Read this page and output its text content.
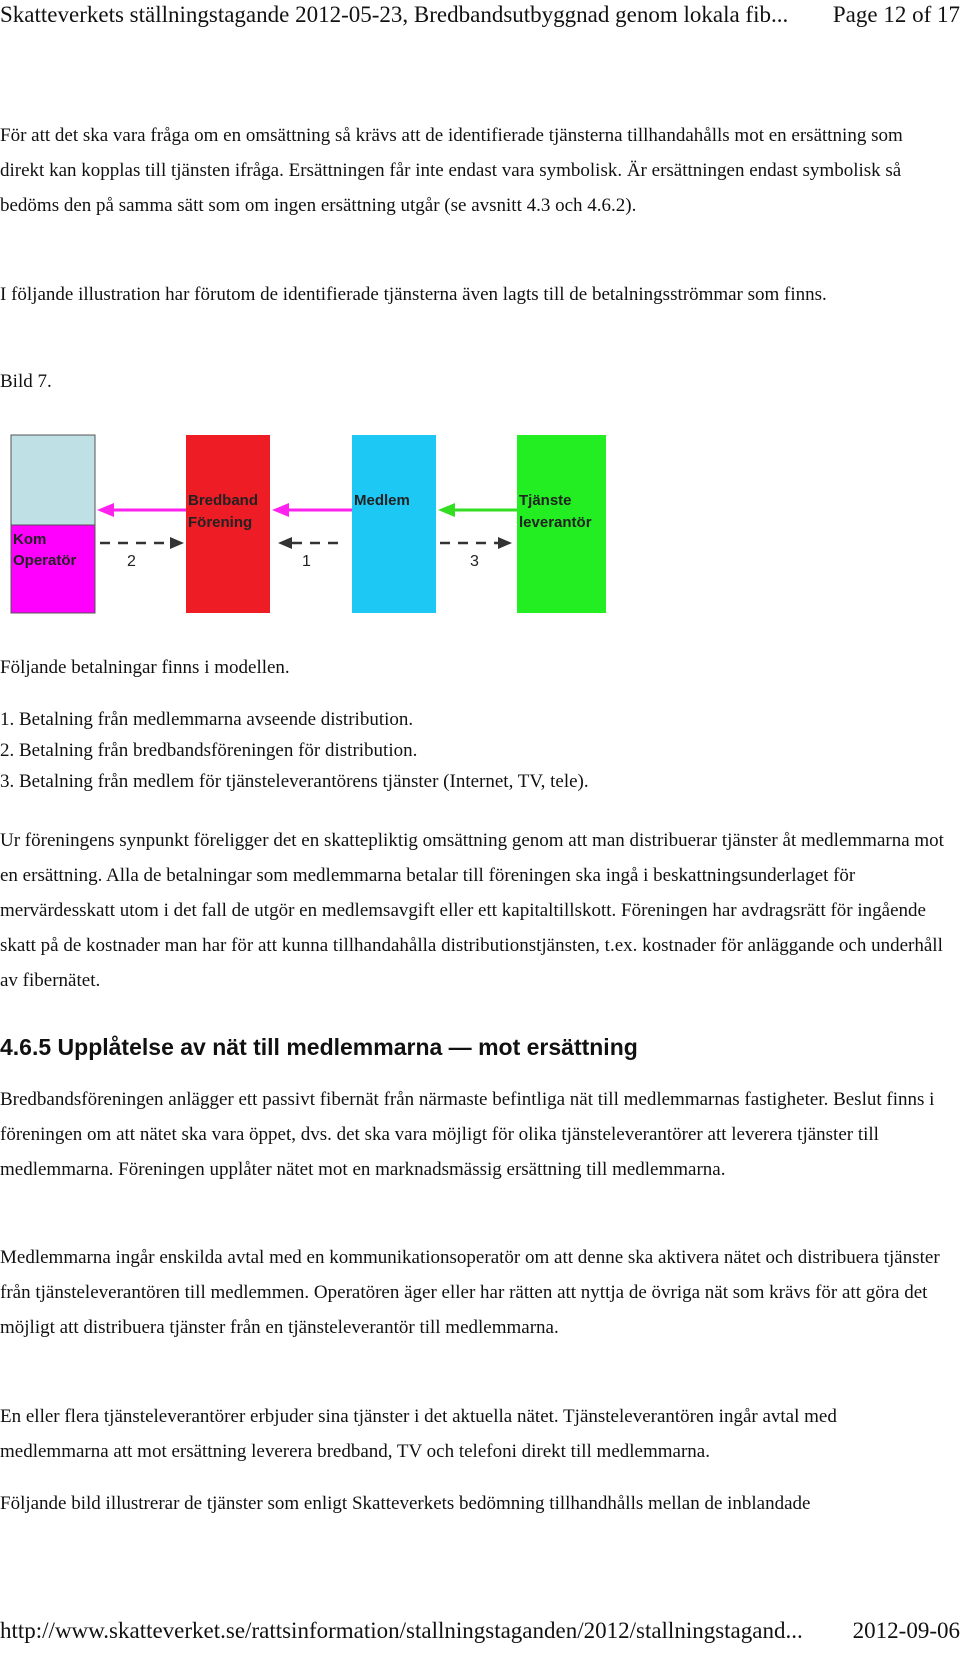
Skatteverkets ställningstagande 2012-05-23, Bredbandsutbyggnad genom lokala fib... Page 12 of 17

För att det ska vara fråga om en omsättning så krävs att de identifierade tjänsterna tillhandahålls mot en ersättning som direkt kan kopplas till tjänsten ifråga. Ersättningen får inte endast vara symbolisk. Är ersättningen endast symbolisk så bedöms den på samma sätt som om ingen ersättning utgår (se avsnitt 4.3 och 4.6.2).

I följande illustration har förutom de identifierade tjänsterna även lagts till de betalningsströmmar som finns.

Bild 7.

Kom
Operatör
Bredband
Förening
Medlem	Tjänste
leverantör
2	1	3

Följande betalningar finns i modellen.

1. Betalning från medlemmarna avseende distribution.
2. Betalning från bredbandsföreningen för distribution.
3. Betalning från medlem för tjänsteleverantörens tjänster (Internet, TV, tele).

Ur föreningens synpunkt föreligger det en skattepliktig omsättning genom att man distribuerar tjänster åt medlemmarna mot en ersättning. Alla de betalningar som medlemmarna betalar till föreningen ska ingå i beskattningsunderlaget för mervärdesskatt utom i det fall de utgör en medlemsavgift eller ett kapitaltillskott. Föreningen har avdragsrätt för ingående skatt på de kostnader man har för att kunna tillhandahålla distributionstjänsten, t.ex. kostnader för anläggande och underhåll av fibernätet.

4.6.5 Upplåtelse av nät till medlemmarna — mot ersättning

Bredbandsföreningen anlägger ett passivt fibernät från närmaste befintliga nät till medlemmarnas fastigheter. Beslut finns i föreningen om att nätet ska vara öppet, dvs. det ska vara möjligt för olika tjänsteleverantörer att leverera tjänster till medlemmarna. Föreningen upplåter nätet mot en marknadsmässig ersättning till medlemmarna.

Medlemmarna ingår enskilda avtal med en kommunikationsoperatör om att denne ska aktivera nätet och distribuera tjänster från tjänsteleverantören till medlemmen. Operatören äger eller har rätten att nyttja de övriga nät som krävs för att göra det möjligt att distribuera tjänster från en tjänsteleverantör till medlemmarna.

En eller flera tjänsteleverantörer erbjuder sina tjänster i det aktuella nätet. Tjänsteleverantören ingår avtal med medlemmarna att mot ersättning leverera bredband, TV och telefoni direkt till medlemmarna.

Följande bild illustrerar de tjänster som enligt Skatteverkets bedömning tillhandhålls mellan de inblandade

http://www.skatteverket.se/rattsinformation/stallningstaganden/2012/stallningstagand... 2012-09-06
